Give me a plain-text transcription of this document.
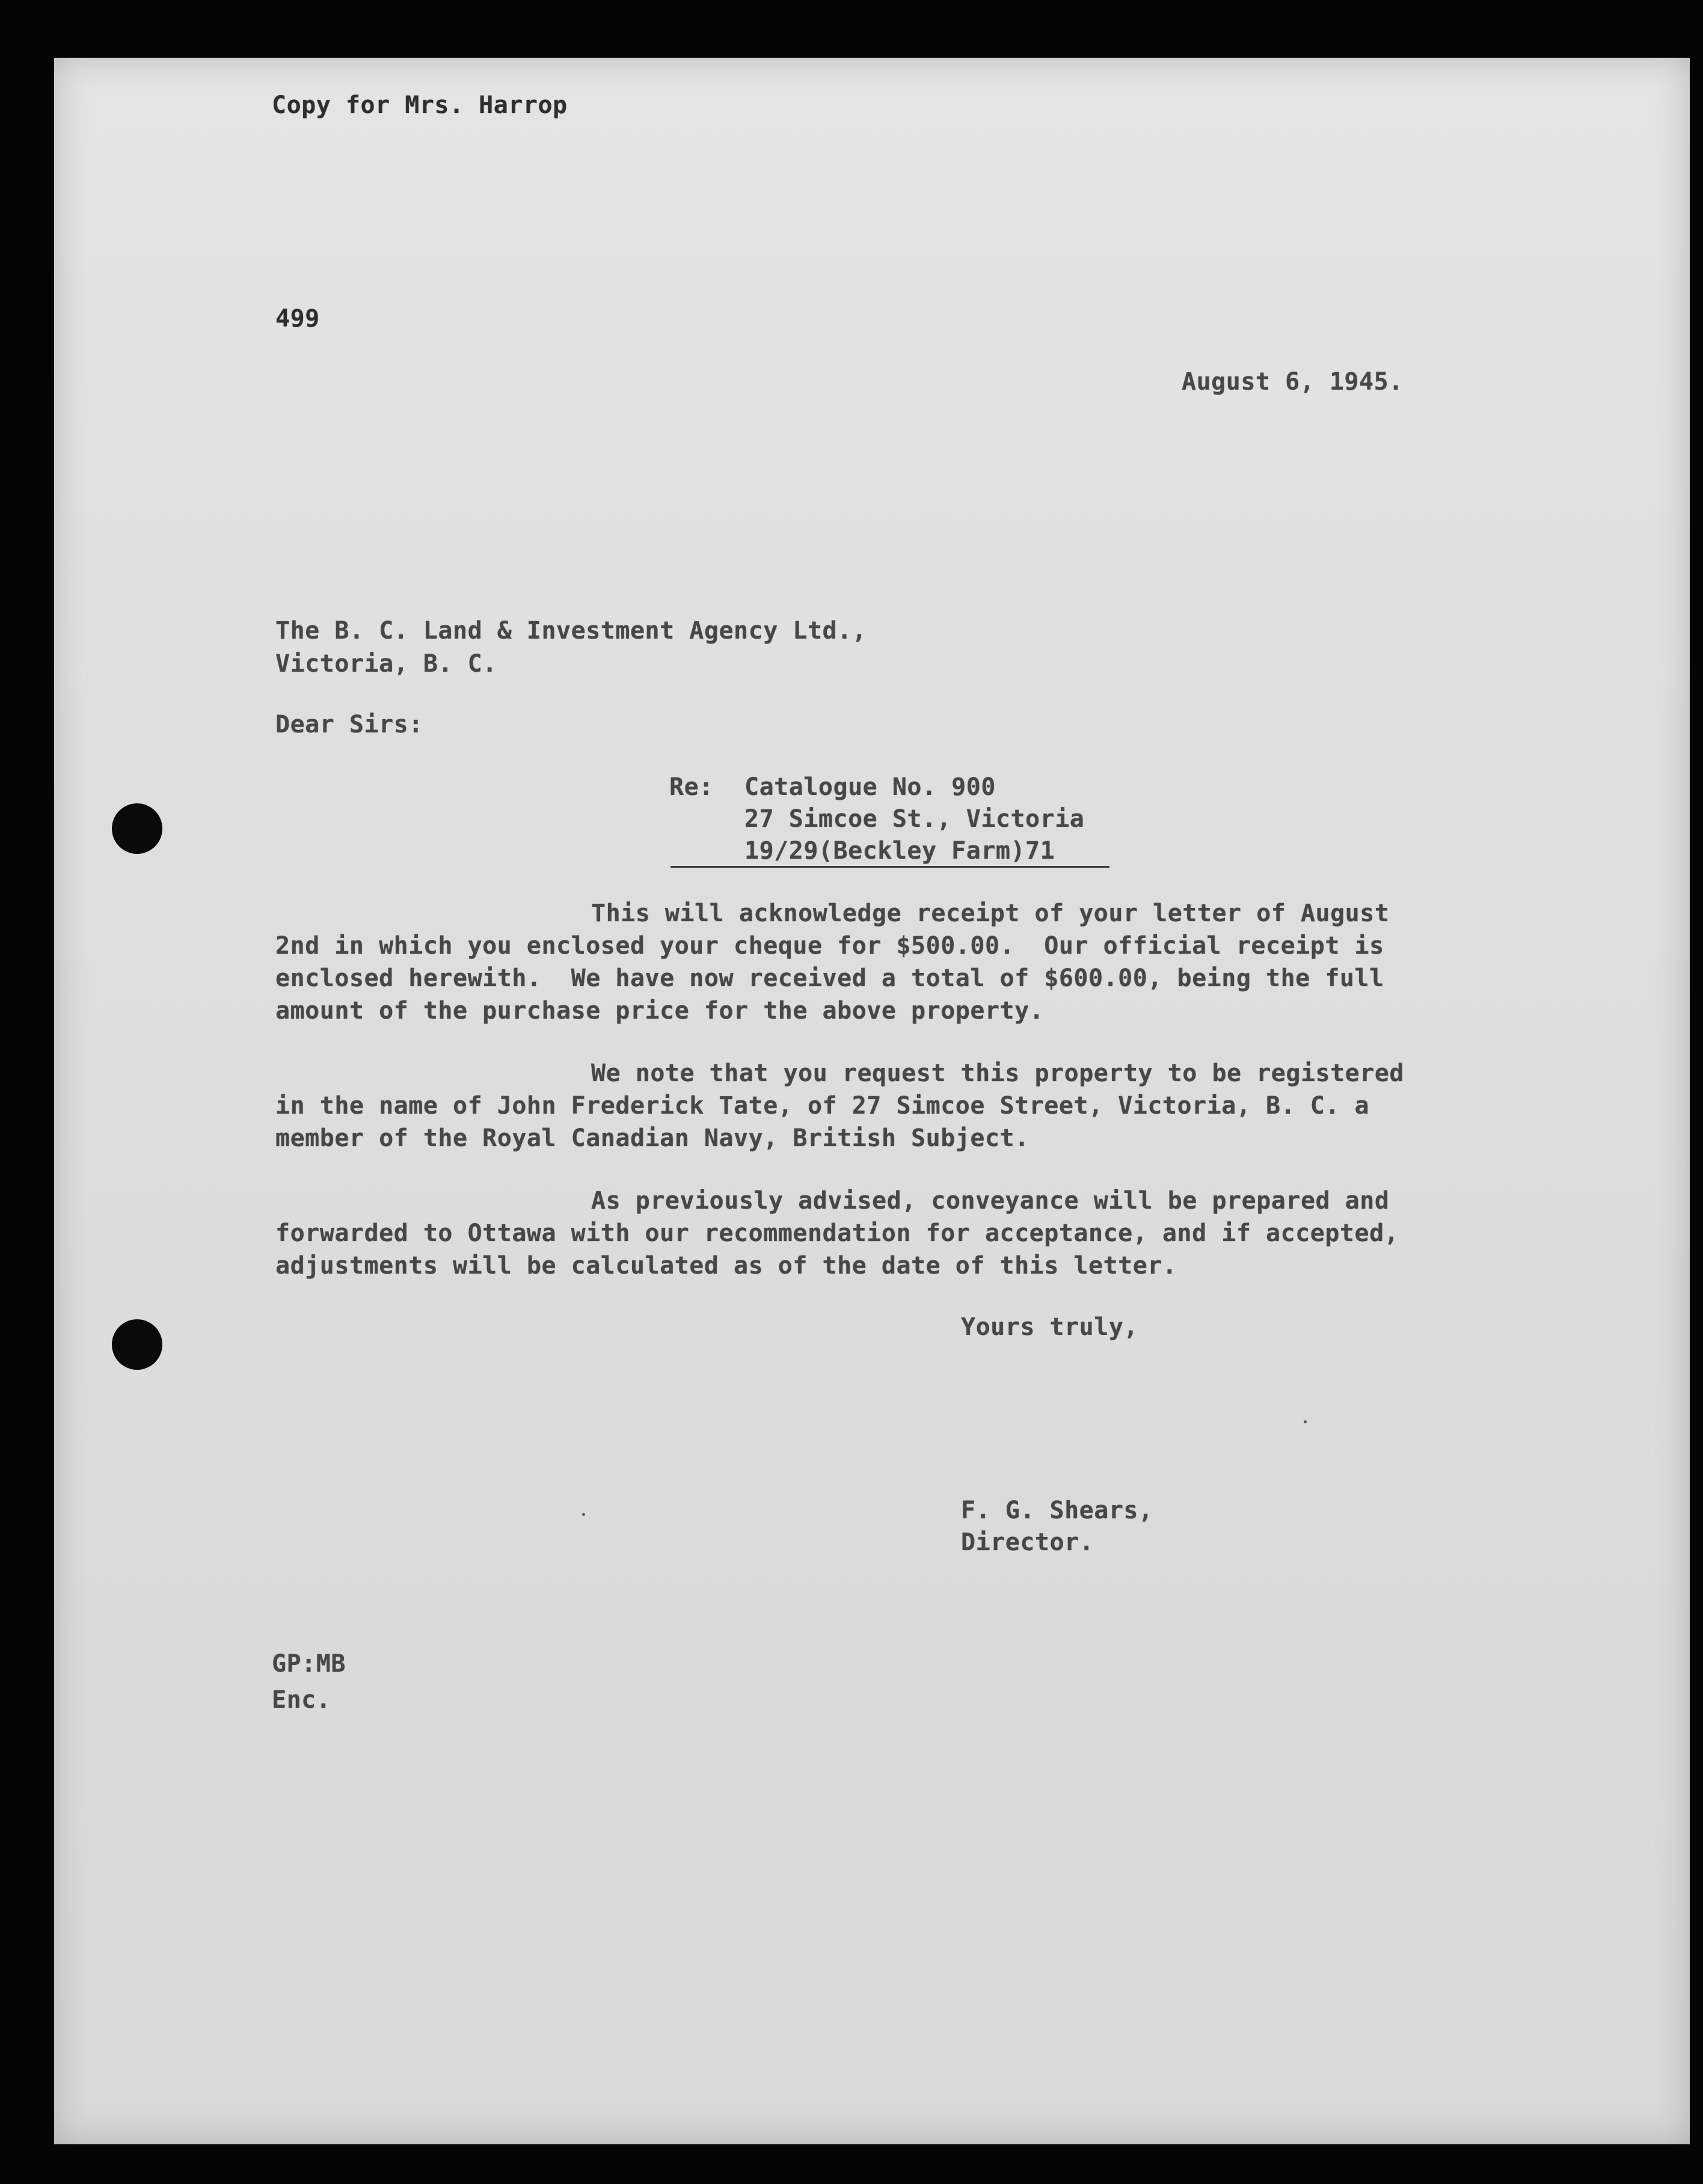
Copy for Mrs. Harrop
499
August 6, 1945.
The B. C. Land & Investment Agency Ltd.,
Victoria, B. C.
Dear Sirs:
Re: Catalogue No. 900
27 Simcoe St., Victoria
19/29(Beckley Farm)71
This will acknowledge receipt of your letter of August
2nd in which you enclosed your cheque for $500.00.  Our official receipt is
enclosed herewith.  We have now received a total of $600.00, being the full
amount of the purchase price for the above property.
We note that you request this property to be registered
in the name of John Frederick Tate, of 27 Simcoe Street, Victoria, B. C. a
member of the Royal Canadian Navy, British Subject.
As previously advised, conveyance will be prepared and
forwarded to Ottawa with our recommendation for acceptance, and if accepted,
adjustments will be calculated as of the date of this letter.
Yours truly,
F. G. Shears,
Director.
GP:MB
Enc.
